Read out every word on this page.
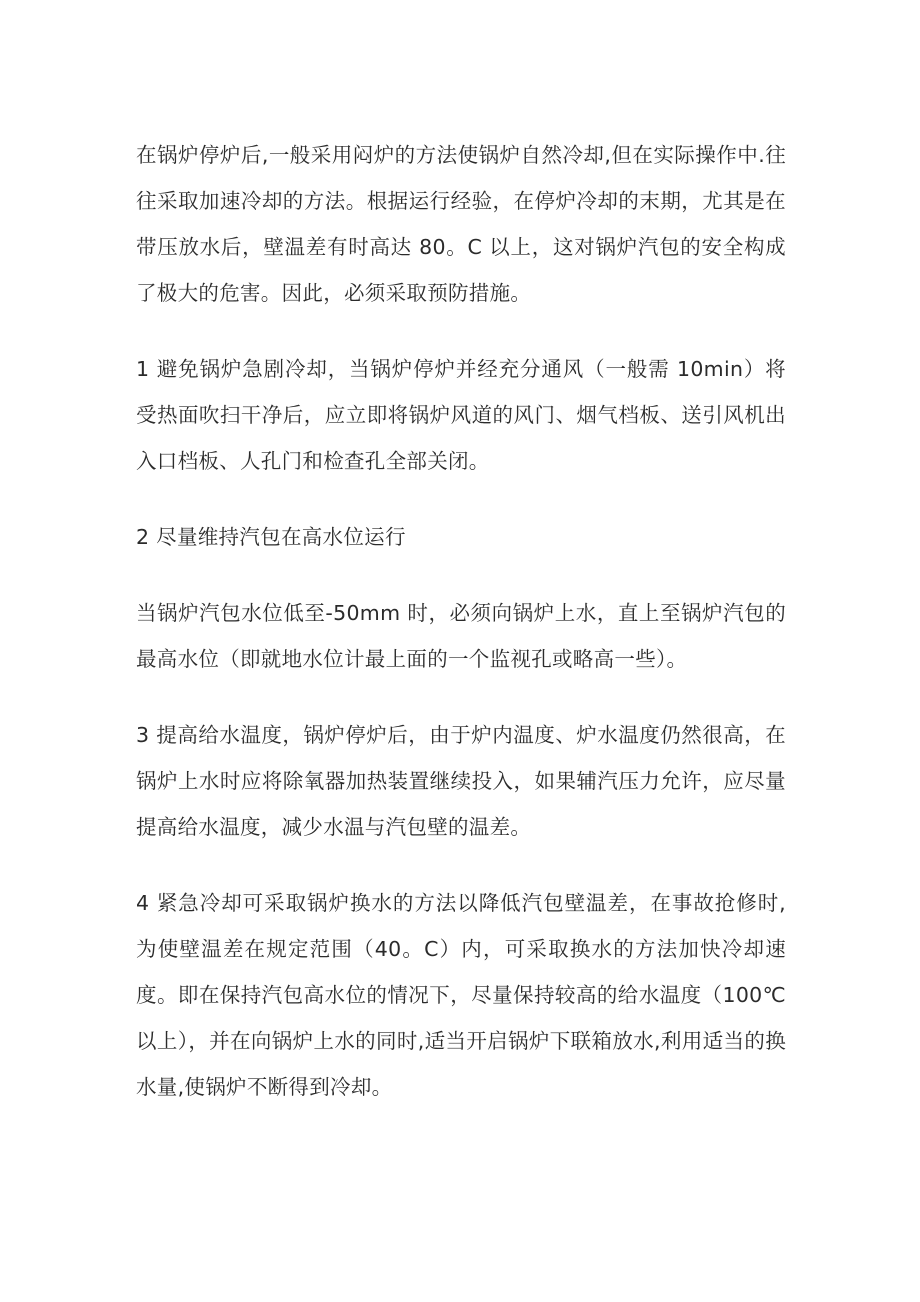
在锅炉停炉后,一般采用闷炉的方法使锅炉自然冷却,但在实际操作中.往往采取加速冷却的方法。根据运行经验，在停炉冷却的末期，尤其是在带压放水后，壁温差有时高达 80。C 以上，这对锅炉汽包的安全构成了极大的危害。因此，必须采取预防措施。

1 避免锅炉急剧冷却，当锅炉停炉并经充分通风（一般需 10min）将受热面吹扫干净后，应立即将锅炉风道的风门、烟气档板、送引风机出入口档板、人孔门和检查孔全部关闭。

2 尽量维持汽包在高水位运行

当锅炉汽包水位低至-50mm 时，必须向锅炉上水，直上至锅炉汽包的最高水位（即就地水位计最上面的一个监视孔或略高一些）。

3 提高给水温度，锅炉停炉后，由于炉内温度、炉水温度仍然很高，在锅炉上水时应将除氧器加热装置继续投入，如果辅汽压力允许，应尽量提高给水温度，减少水温与汽包壁的温差。

4 紧急冷却可采取锅炉换水的方法以降低汽包壁温差，在事故抢修时,为使壁温差在规定范围（40。C）内，可采取换水的方法加快冷却速度。即在保持汽包高水位的情况下，尽量保持较高的给水温度（100℃以上），并在向锅炉上水的同时,适当开启锅炉下联箱放水,利用适当的换水量,使锅炉不断得到冷却。
